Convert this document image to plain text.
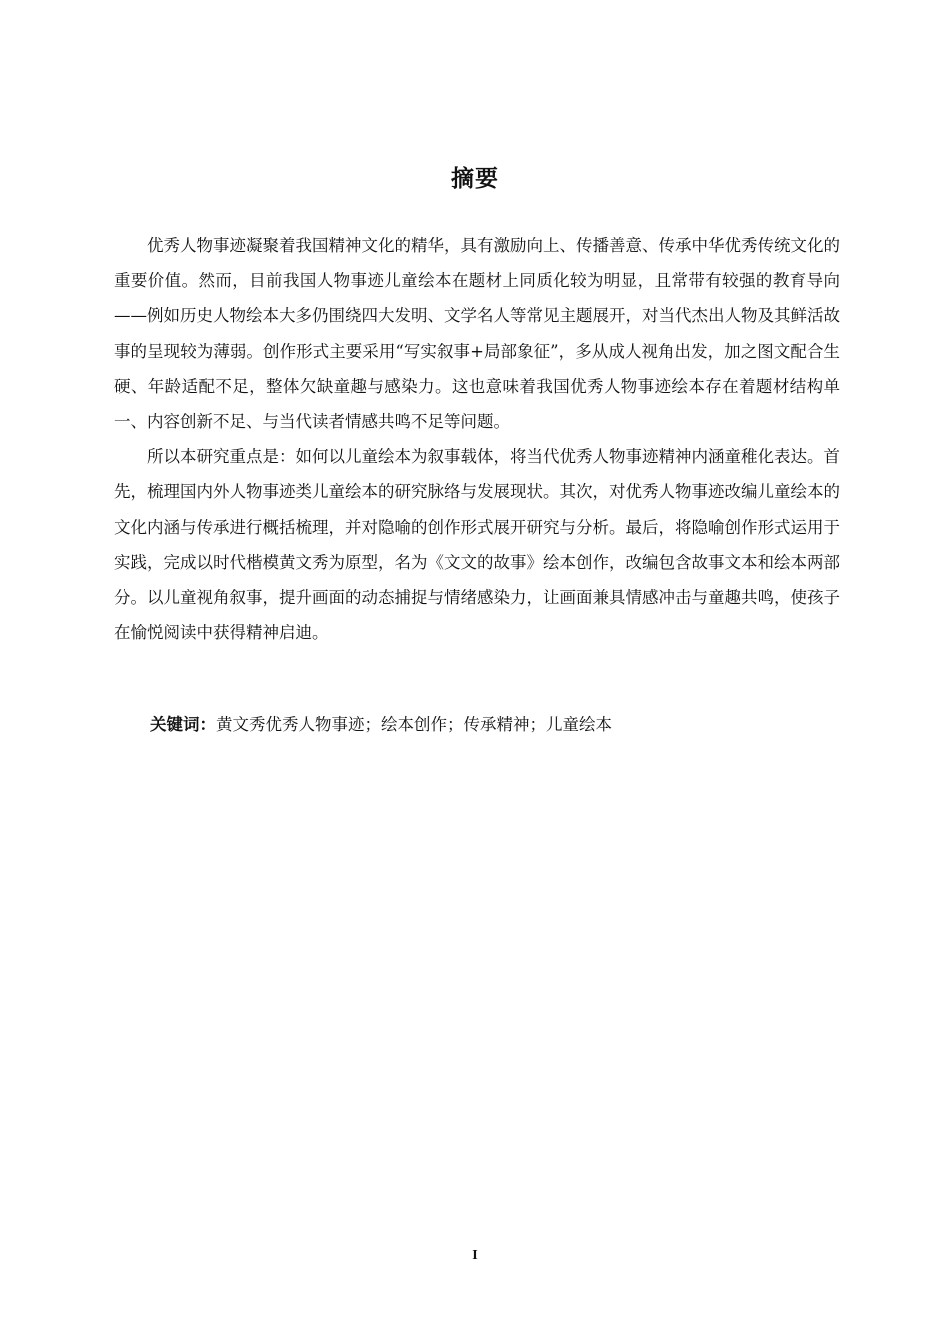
摘要

优秀人物事迹凝聚着我国精神文化的精华，具有激励向上、传播善意、传承中华优秀传统文化的重要价值。然而，目前我国人物事迹儿童绘本在题材上同质化较为明显，且常带有较强的教育导向——例如历史人物绘本大多仍围绕四大发明、文学名人等常见主题展开，对当代杰出人物及其鲜活故事的呈现较为薄弱。创作形式主要采用“写实叙事+局部象征”，多从成人视角出发，加之图文配合生硬、年龄适配不足，整体欠缺童趣与感染力。这也意味着我国优秀人物事迹绘本存在着题材结构单一、内容创新不足、与当代读者情感共鸣不足等问题。

所以本研究重点是：如何以儿童绘本为叙事载体，将当代优秀人物事迹精神内涵童稚化表达。首先，梳理国内外人物事迹类儿童绘本的研究脉络与发展现状。其次，对优秀人物事迹改编儿童绘本的文化内涵与传承进行概括梳理，并对隐喻的创作形式展开研究与分析。最后，将隐喻创作形式运用于实践，完成以时代楷模黄文秀为原型，名为《文文的故事》绘本创作，改编包含故事文本和绘本两部分。以儿童视角叙事，提升画面的动态捕捉与情绪感染力，让画面兼具情感冲击与童趣共鸣，使孩子在愉悦阅读中获得精神启迪。

关键词：黄文秀优秀人物事迹；绘本创作；传承精神；儿童绘本
I
